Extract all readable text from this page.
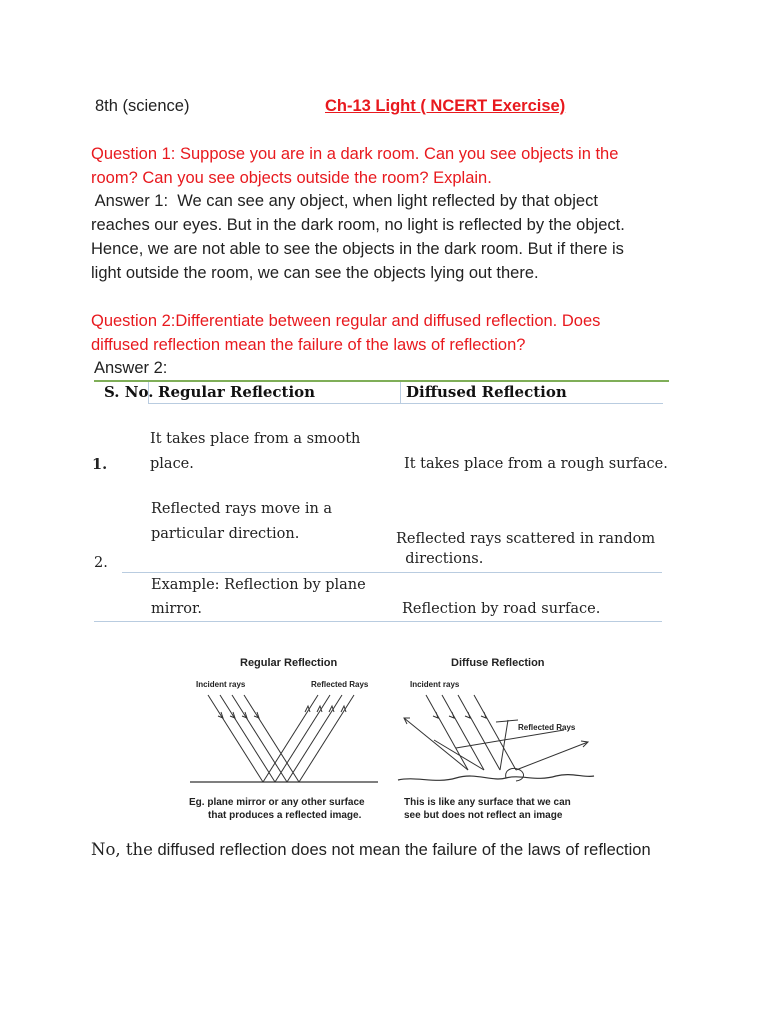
8th (science)	Ch-13 Light ( NCERT Exercise)
Question 1: Suppose you are in a dark room. Can you see objects in the
room? Can you see objects outside the room? Explain.
Answer 1:  We can see any object, when light reflected by that object
reaches our eyes. But in the dark room, no light is reflected by the object.
Hence, we are not able to see the objects in the dark room. But if there is
light outside the room, we can see the objects lying out there.
Question 2:Differentiate between regular and diffused reflection. Does
diffused reflection mean the failure of the laws of reflection?
Answer 2:
S. No. Regular Reflection	Diffused Reflection
1.
It takes place from a smooth
place.	It takes place from a rough surface.
2.
Reflected rays move in a
particular direction.	Reflected rays scattered in random
directions.
Example: Reflection by plane
mirror.	Reflection by road surface.
Regular Reflection
Incident rays	Reflected Rays
Eg. plane mirror or any other surface
that produces a reflected image.
Diffuse Reflection
Incident rays
Reflected Rays
This is like any surface that we can
see but does not reflect an image
No, the diffused reflection does not mean the failure of the laws of reflection
